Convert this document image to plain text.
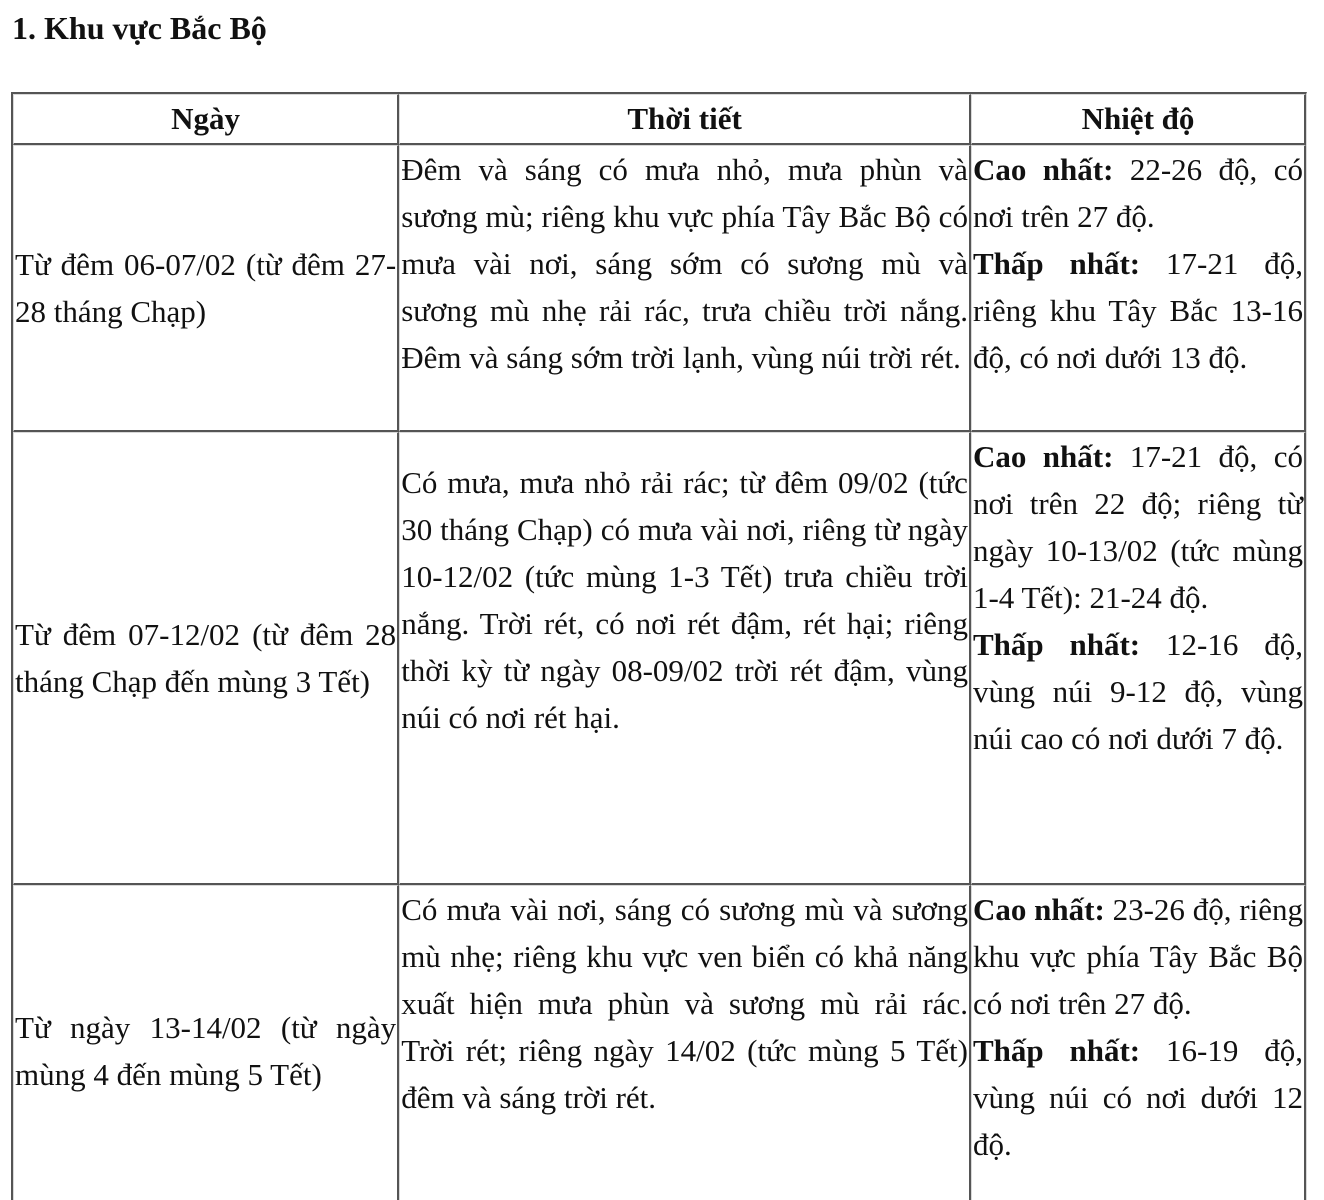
1. Khu vực Bắc Bộ
Ngày	Thời tiết	Nhiệt độ

Từ đêm 06-07/02 (từ đêm 27-28 tháng Chạp)	Đêm và sáng có mưa nhỏ, mưa phùn và sương mù; riêng khu vực phía Tây Bắc Bộ có mưa vài nơi, sáng sớm có sương mù và sương mù nhẹ rải rác, trưa chiều trời nắng. Đêm và sáng sớm trời lạnh, vùng núi trời rét.	Cao nhất: 22-26 độ, có nơi trên 27 độ.
Thấp nhất: 17-21 độ, riêng khu Tây Bắc 13-16 độ, có nơi dưới 13 độ.

Từ đêm 07-12/02 (từ đêm 28 tháng Chạp đến mùng 3 Tết)	Có mưa, mưa nhỏ rải rác; từ đêm 09/02 (tức 30 tháng Chạp) có mưa vài nơi, riêng từ ngày 10-12/02 (tức mùng 1-3 Tết) trưa chiều trời nắng. Trời rét, có nơi rét đậm, rét hại; riêng thời kỳ từ ngày 08-09/02 trời rét đậm, vùng núi có nơi rét hại.	Cao nhất: 17-21 độ, có nơi trên 22 độ; riêng từ ngày 10-13/02 (tức mùng 1-4 Tết): 21-24 độ.
Thấp nhất: 12-16 độ, vùng núi 9-12 độ, vùng núi cao có nơi dưới 7 độ.

Từ ngày 13-14/02 (từ ngày mùng 4 đến mùng 5 Tết)	Có mưa vài nơi, sáng có sương mù và sương mù nhẹ; riêng khu vực ven biển có khả năng xuất hiện mưa phùn và sương mù rải rác. Trời rét; riêng ngày 14/02 (tức mùng 5 Tết) đêm và sáng trời rét.	Cao nhất: 23-26 độ, riêng khu vực phía Tây Bắc Bộ có nơi trên 27 độ.
Thấp nhất: 16-19 độ, vùng núi có nơi dưới 12 độ.
